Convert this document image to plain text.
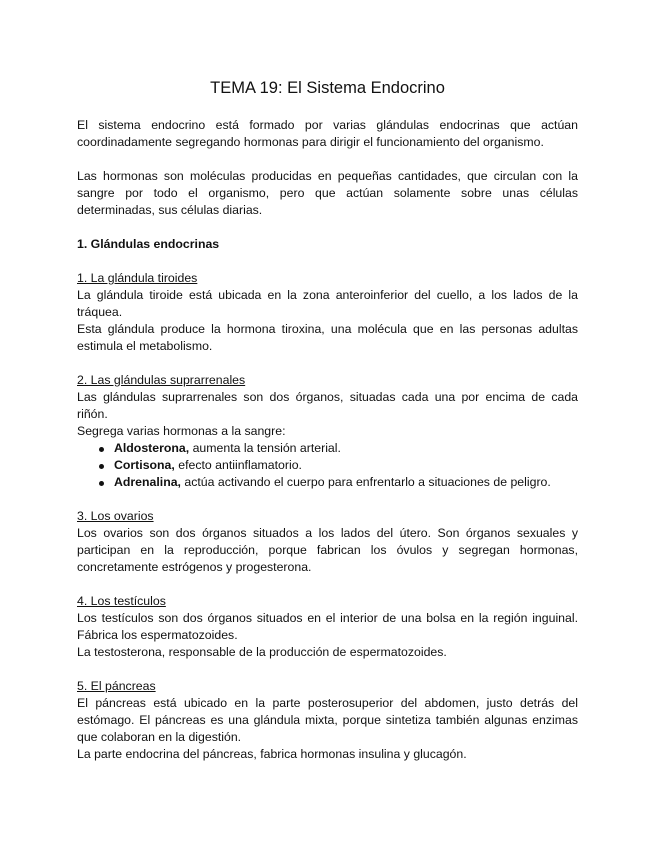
TEMA 19: El Sistema Endocrino

El sistema endocrino está formado por varias glándulas endocrinas que actúan coordinadamente segregando hormonas para dirigir el funcionamiento del organismo.

Las hormonas son moléculas producidas en pequeñas cantidades, que circulan con la sangre por todo el organismo, pero que actúan solamente sobre unas células determinadas, sus células diarias.

1. Glándulas endocrinas

1. La glándula tiroides

La glándula tiroide está ubicada en la zona anteroinferior del cuello, a los lados de la tráquea.

Esta glándula produce la hormona tiroxina, una molécula que en las personas adultas estimula el metabolismo.

2. Las glándulas suprarrenales

Las glándulas suprarrenales son dos órganos, situadas cada una por encima de cada riñón.

Segrega varias hormonas a la sangre:

Aldosterona, aumenta la tensión arterial.
Cortisona, efecto antiinflamatorio.
Adrenalina, actúa activando el cuerpo para enfrentarlo a situaciones de peligro.

3. Los ovarios

Los ovarios son dos órganos situados a los lados del útero. Son órganos sexuales y participan en la reproducción, porque fabrican los óvulos y segregan hormonas, concretamente estrógenos y progesterona.

4. Los testículos

Los testículos son dos órganos situados en el interior de una bolsa en la región inguinal. Fábrica los espermatozoides.

La testosterona, responsable de la producción de espermatozoides.

5. El páncreas

El páncreas está ubicado en la parte posterosuperior del abdomen, justo detrás del estómago. El páncreas es una glándula mixta, porque sintetiza también algunas enzimas que colaboran en la digestión.

La parte endocrina del páncreas, fabrica hormonas insulina y glucagón.
